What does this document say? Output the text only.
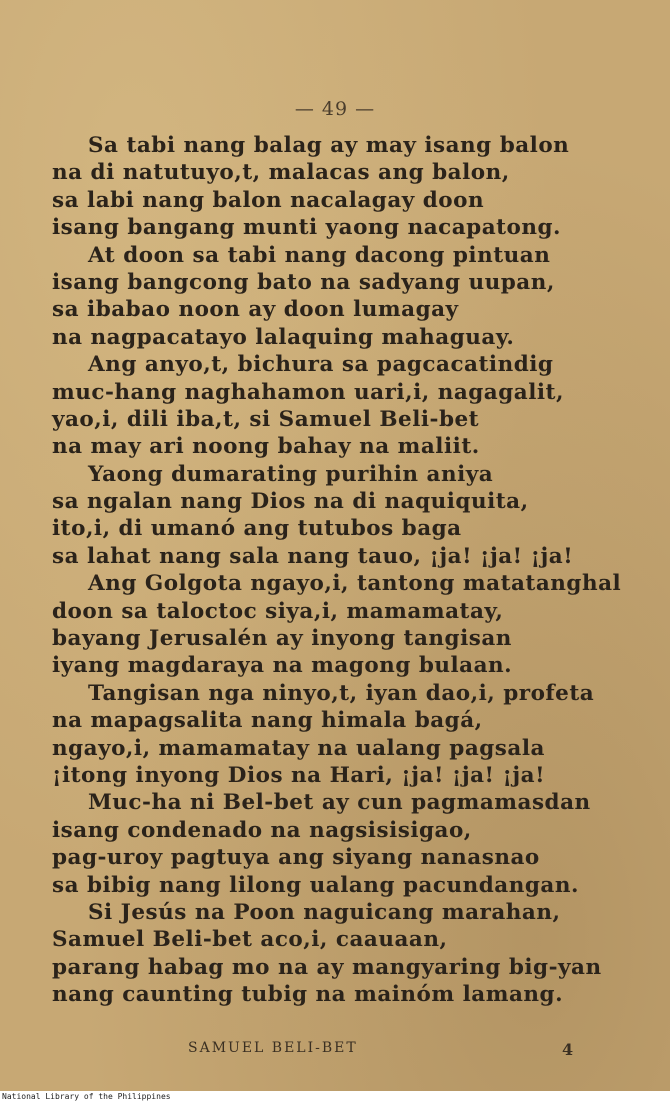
— 49 —
Sa tabi nang balag ay may isang balon
na di natutuyo,t, malacas ang balon,
sa labi nang balon nacalagay doon
isang bangang munti yaong nacapatong.
At doon sa tabi nang dacong pintuan
isang bangcong bato na sadyang uupan,
sa ibabao noon ay doon lumagay
na nagpacatayo lalaquing mahaguay.
Ang anyo,t, bichura sa pagcacatindig
muc-hang naghahamon uari,i, nagagalit,
yao,i, dili iba,t, si Samuel Beli-bet
na may ari noong bahay na maliit.
Yaong dumarating purihin aniya
sa ngalan nang Dios na di naquiquita,
ito,i, di umanó ang tutubos baga
sa lahat nang sala nang tauo, ¡ja! ¡ja! ¡ja!
Ang Golgota ngayo,i, tantong matatanghal
doon sa taloctoc siya,i, mamamatay,
bayang Jerusalén ay inyong tangisan
iyang magdaraya na magong bulaan.
Tangisan nga ninyo,t, iyan dao,i, profeta
na mapagsalita nang himala bagá,
ngayo,i, mamamatay na ualang pagsala
¡itong inyong Dios na Hari, ¡ja! ¡ja! ¡ja!
Muc-ha ni Bel-bet ay cun pagmamasdan
isang condenado na nagsisisigao,
pag-uroy pagtuya ang siyang nanasnao
sa bibig nang lilong ualang pacundangan.
Si Jesús na Poon naguicang marahan,
Samuel Beli-bet aco,i, caauaan,
parang habag mo na ay mangyaring big-yan
nang caunting tubig na mainóm lamang.
SAMUEL BELI-BET	4
National Library of the Philippines
